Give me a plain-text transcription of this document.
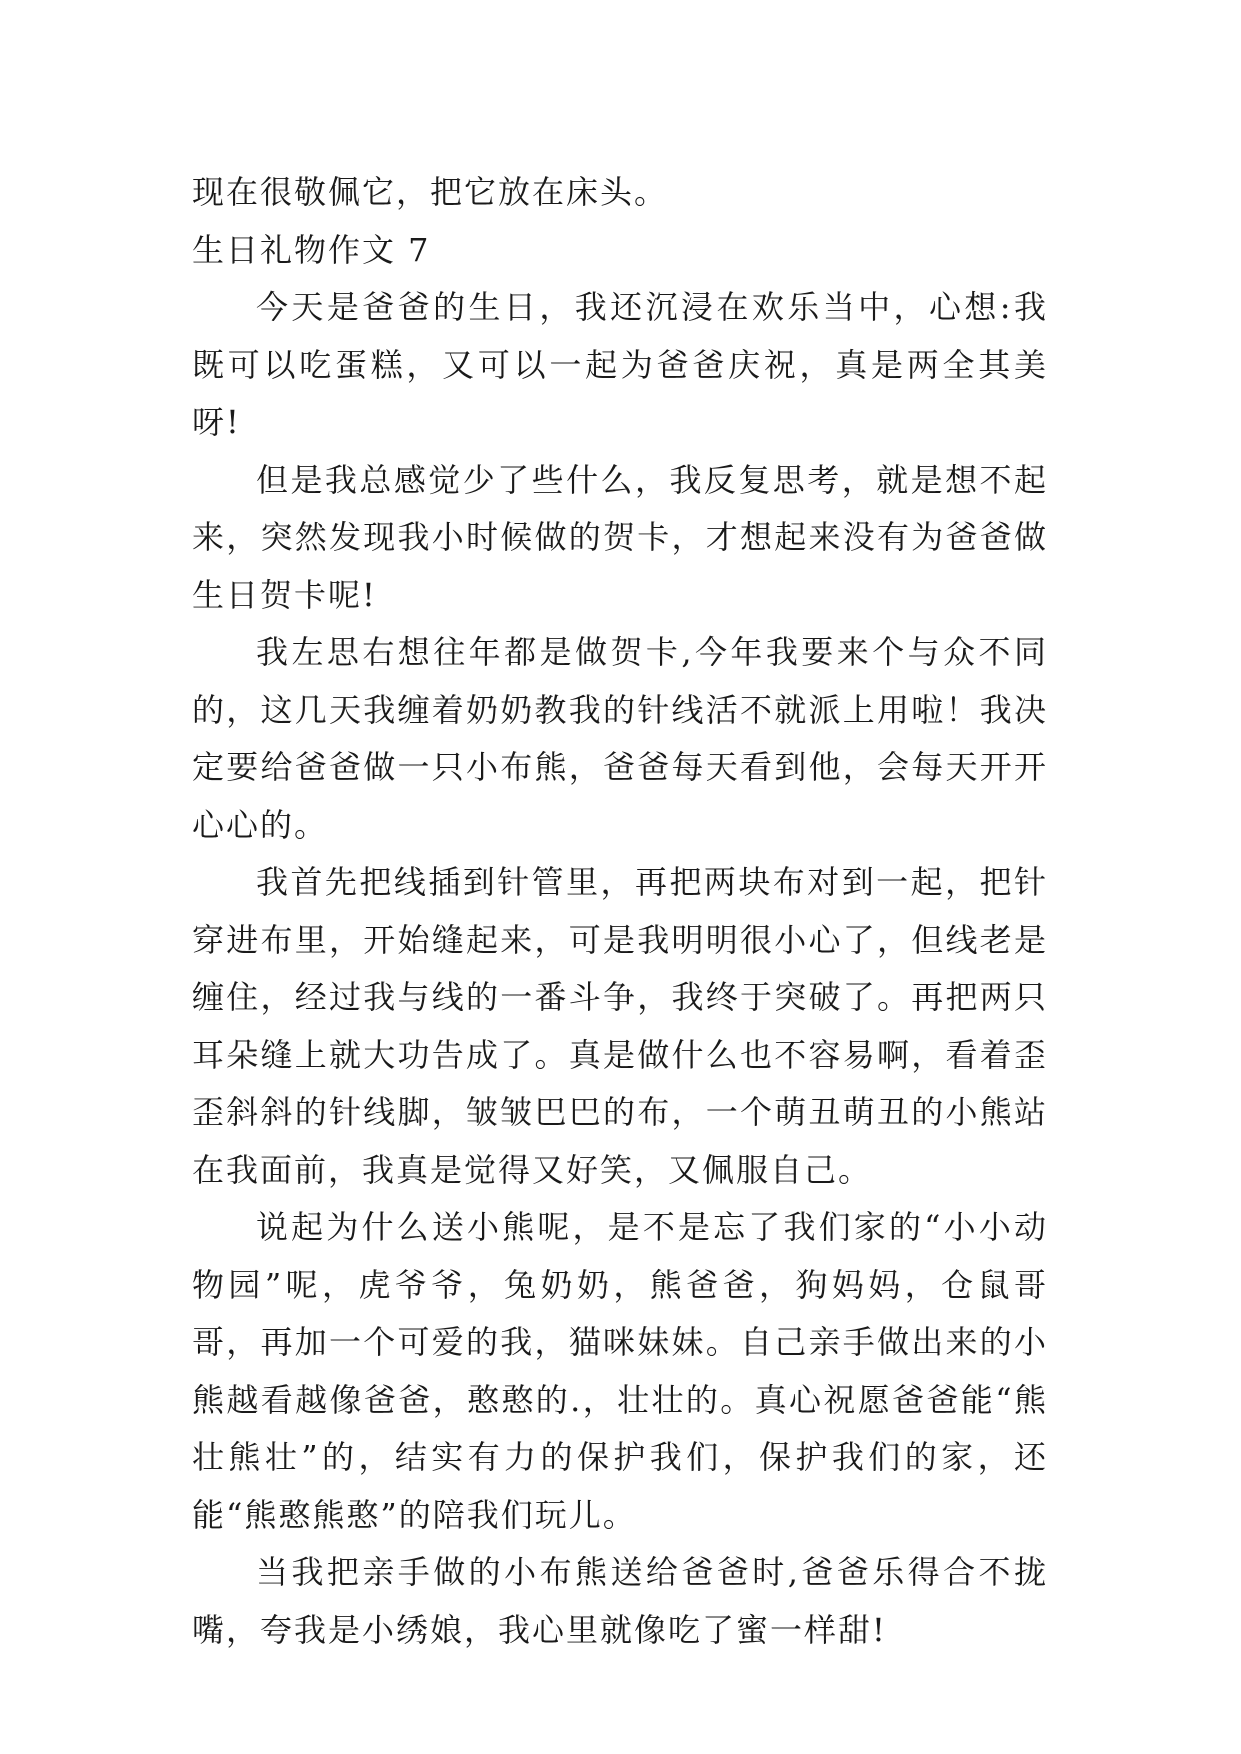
现在很敬佩它，把它放在床头。

生日礼物作文 7

今天是爸爸的生日，我还沉浸在欢乐当中，心想:我既可以吃蛋糕，又可以一起为爸爸庆祝，真是两全其美呀!

但是我总感觉少了些什么，我反复思考，就是想不起来，突然发现我小时候做的贺卡，才想起来没有为爸爸做生日贺卡呢!

我左思右想往年都是做贺卡,今年我要来个与众不同的，这几天我缠着奶奶教我的针线活不就派上用啦！我决定要给爸爸做一只小布熊，爸爸每天看到他，会每天开开心心的。

我首先把线插到针管里，再把两块布对到一起，把针穿进布里，开始缝起来，可是我明明很小心了，但线老是缠住，经过我与线的一番斗争，我终于突破了。再把两只耳朵缝上就大功告成了。真是做什么也不容易啊，看着歪歪斜斜的针线脚，皱皱巴巴的布，一个萌丑萌丑的小熊站在我面前，我真是觉得又好笑，又佩服自己。

说起为什么送小熊呢，是不是忘了我们家的“小小动物园”呢，虎爷爷，兔奶奶，熊爸爸，狗妈妈，仓鼠哥哥，再加一个可爱的我，猫咪妹妹。自己亲手做出来的小熊越看越像爸爸，憨憨的.，壮壮的。真心祝愿爸爸能“熊壮熊壮”的，结实有力的保护我们，保护我们的家，还能“熊憨熊憨”的陪我们玩儿。

当我把亲手做的小布熊送给爸爸时,爸爸乐得合不拢嘴，夸我是小绣娘，我心里就像吃了蜜一样甜!
